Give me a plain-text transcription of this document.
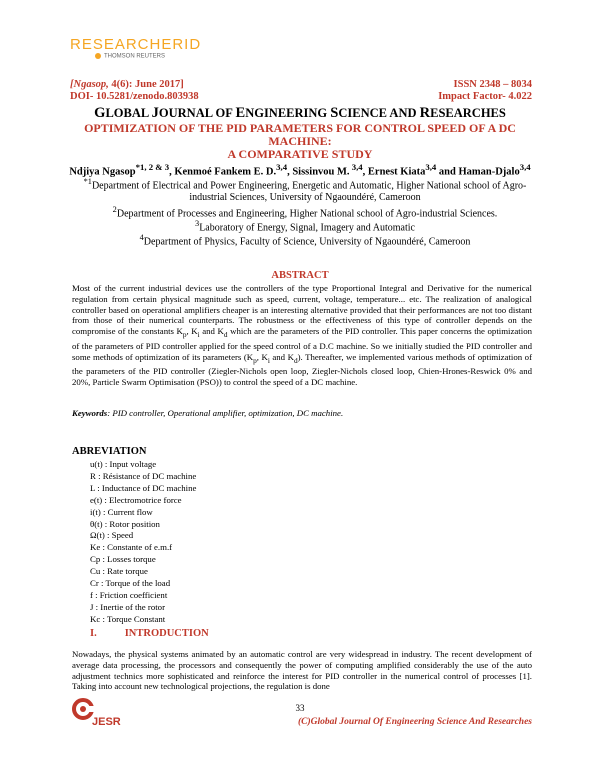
RESEARCHERID
THOMSON REUTERS
[Ngasop, 4(6): June 2017]
DOI- 10.5281/zenodo.803938
ISSN 2348 – 8034
Impact Factor- 4.022
GLOBAL JOURNAL OF ENGINEERING SCIENCE AND RESEARCHES
OPTIMIZATION OF THE PID PARAMETERS FOR CONTROL SPEED OF A DC
MACHINE:
A COMPARATIVE STUDY
Ndjiya Ngasop$^{*1, 2 \& 3}$, Kenmoé Fankem E. D.$^{3,4}$, Sissinvou M. $^{3,4}$, Ernest Kiata$^{3,4}$ and Haman-Djalo$^{3,4}$
$^{*1}$Department of Electrical and Power Engineering, Energetic and Automatic, Higher National school of Agro-industrial Sciences, University of Ngaoundéré, Cameroon
$^2$Department of Processes and Engineering, Higher National school of Agro-industrial Sciences.
$^3$Laboratory of Energy, Signal, Imagery and Automatic
$^4$Department of Physics, Faculty of Science, University of Ngaoundéré, Cameroon
ABSTRACT
Most of the current industrial devices use the controllers of the type Proportional Integral and Derivative for the numerical regulation from certain physical magnitude such as speed, current, voltage, temperature... etc. The realization of analogical controller based on operational amplifiers cheaper is an interesting alternative provided that their performances are not too distant from those of their numerical counterparts. The robustness or the effectiveness of this type of controller depends on the compromise of the constants $K_p$, $K_i$ and $K_d$ which are the parameters of the PID controller. This paper concerns the optimization of the parameters of PID controller applied for the speed control of a D.C machine. So we initially studied the PID controller and some methods of optimization of its parameters ($K_p$, $K_i$ and $K_d$). Thereafter, we implemented various methods of optimization of the parameters of the PID controller (Ziegler-Nichols open loop, Ziegler-Nichols closed loop, Chien-Hrones-Reswick 0% and 20%, Particle Swarm Optimisation (PSO)) to control the speed of a DC machine.
Keywords: PID controller, Operational amplifier, optimization, DC machine.
ABREVIATION
u(t) : Input voltage
R : Résistance of DC machine
L : Inductance of DC machine
e(t) : Electromotrice force
i(t) : Current flow
θ(t) : Rotor position
Ω(t) : Speed
Ke : Constante of e.m.f
Cp : Losses torque
Cu : Rate torque
Cr : Torque of the load
f : Friction coefficient
J : Inertie of the rotor
Kc : Torque Constant
I.	INTRODUCTION
Nowadays, the physical systems animated by an automatic control are very widespread in industry. The recent development of average data processing, the processors and consequently the power of computing amplified considerably the use of the auto adjustment technics more sophisticated and reinforce the interest for PID controller in the numerical control of processes [1]. Taking into account new technological projections, the regulation is done
33
JESR	(C)Global Journal Of Engineering Science And Researches
